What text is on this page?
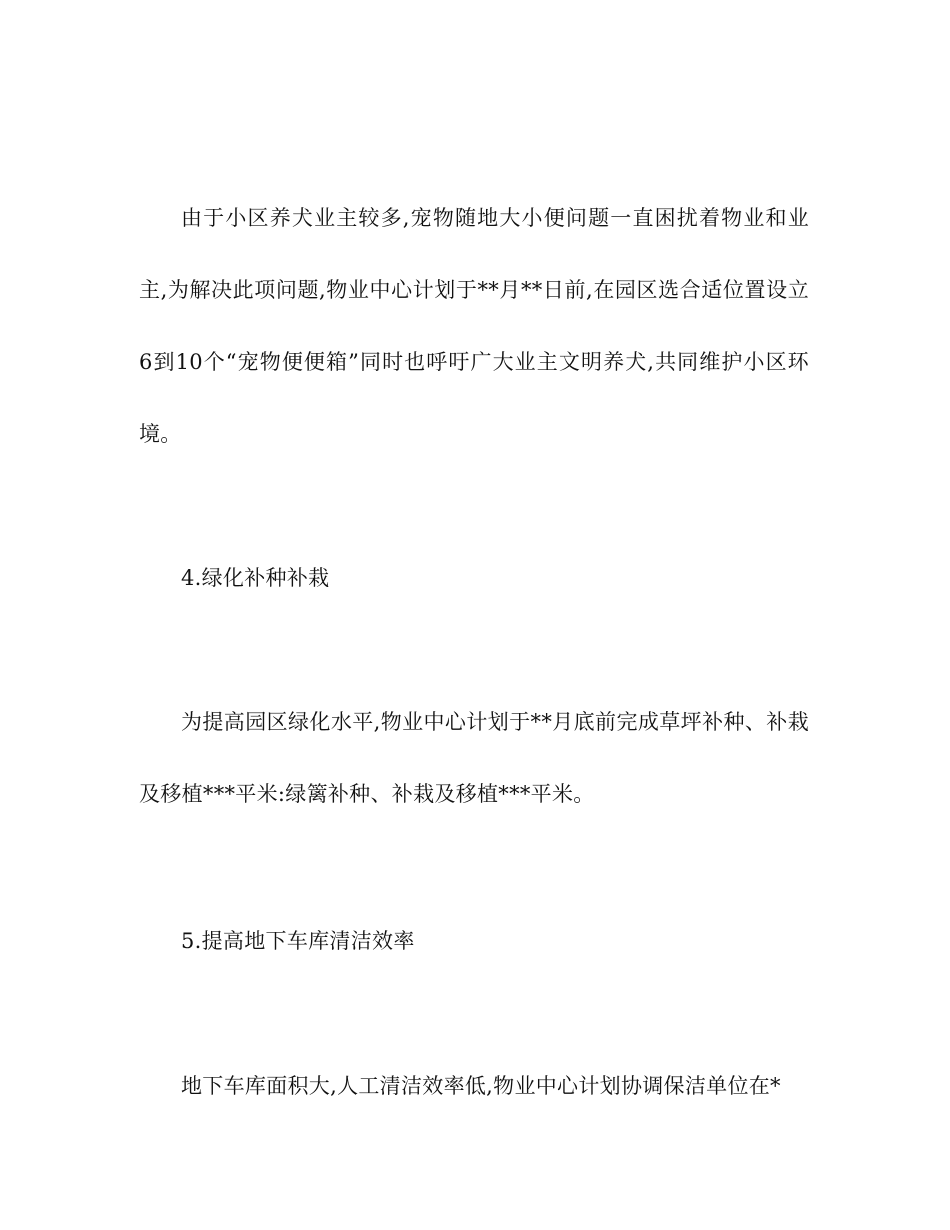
由于小区养犬业主较多,宠物随地大小便问题一直困扰着物业和业主,为解决此项问题,物业中心计划于**月**日前,在园区选合适位置设立6到10个“宠物便便箱”同时也呼吁广大业主文明养犬,共同维护小区环境。

4.绿化补种补栽

为提高园区绿化水平,物业中心计划于**月底前完成草坪补种、补栽及移植***平米:绿篱补种、补栽及移植***平米。

5.提高地下车库清洁效率

地下车库面积大,人工清洁效率低,物业中心计划协调保洁单位在*
